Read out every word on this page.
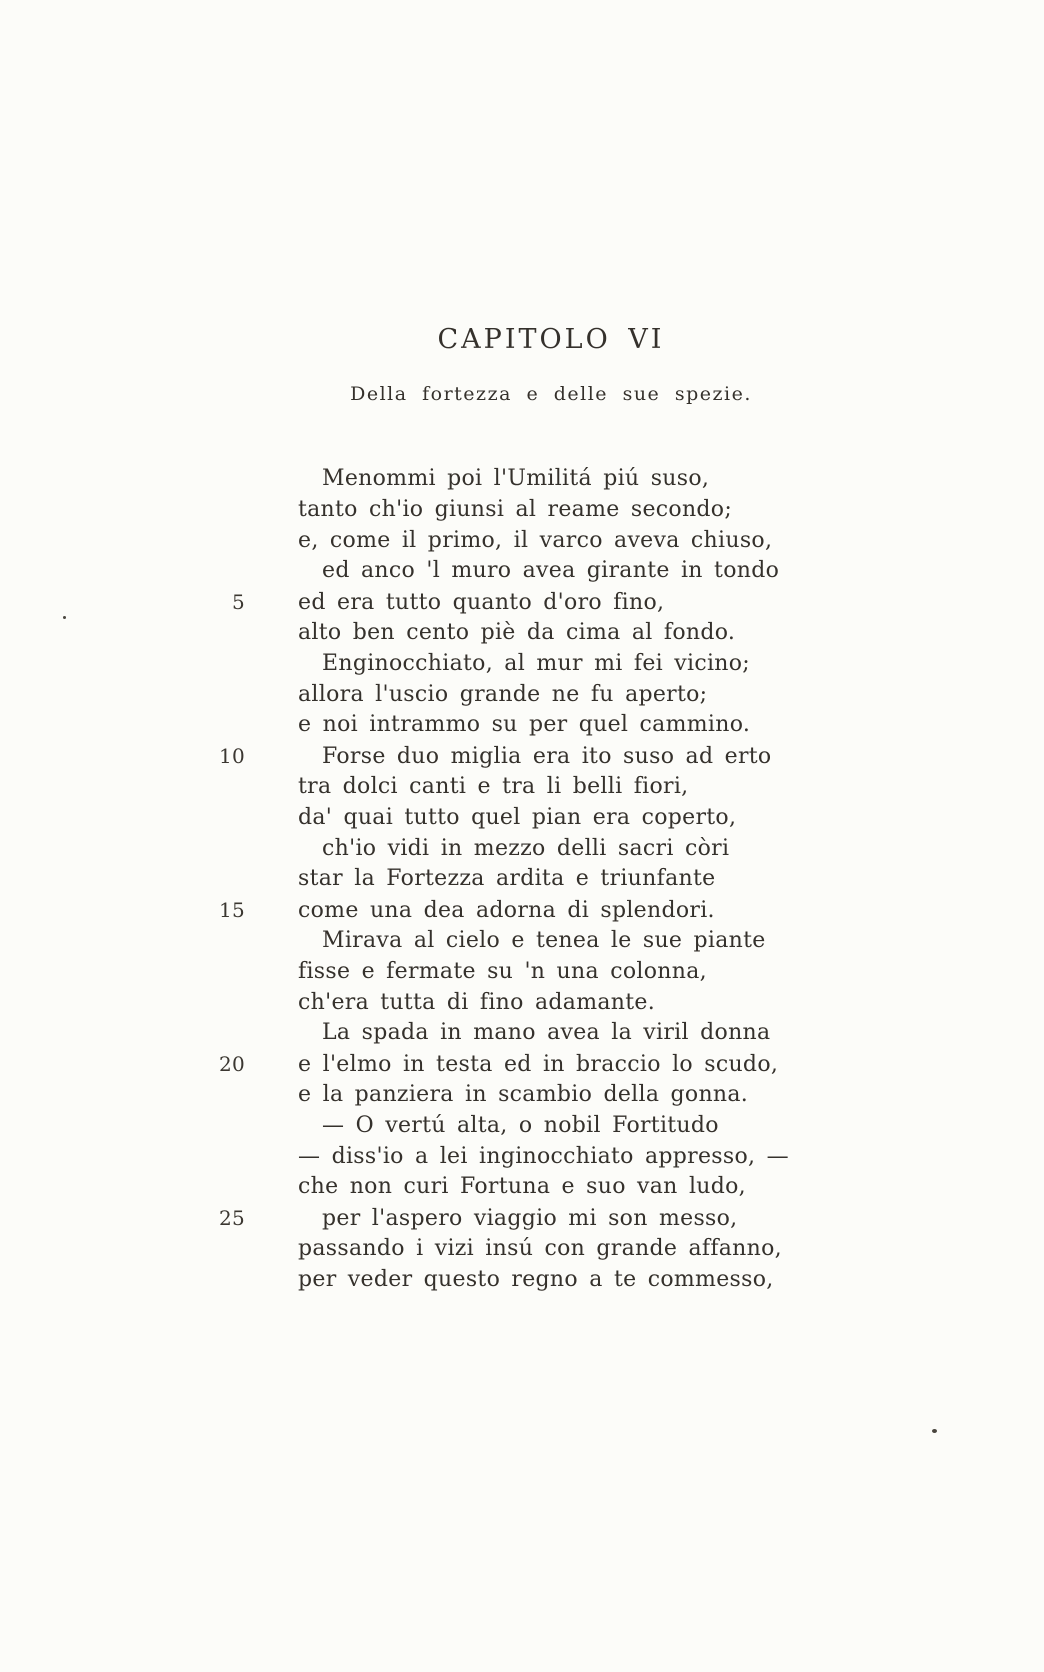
CAPITOLO VI
Della fortezza e delle sue spezie.
Menommi poi l'Umilitá piú suso,
tanto ch'io giunsi al reame secondo;
e, come il primo, il varco aveva chiuso,
ed anco 'l muro avea girante in tondo
5 ed era tutto quanto d'oro fino,
alto ben cento piè da cima al fondo.
Enginocchiato, al mur mi fei vicino;
allora l'uscio grande ne fu aperto;
e noi intrammo su per quel cammino.
10	Forse duo miglia era ito suso ad erto
tra dolci canti e tra li belli fiori,
da' quai tutto quel pian era coperto,
ch'io vidi in mezzo delli sacri còri
star la Fortezza ardita e triunfante
15 come una dea adorna di splendori.
Mirava al cielo e tenea le sue piante
fisse e fermate su 'n una colonna,
ch'era tutta di fino adamante.
La spada in mano avea la viril donna
20 e l'elmo in testa ed in braccio lo scudo,
e la panziera in scambio della gonna.
— O vertú alta, o nobil Fortitudo
— diss'io a lei inginocchiato appresso, —
che non curi Fortuna e suo van ludo,
25	per l'aspero viaggio mi son messo,
passando i vizi insú con grande affanno,
per veder questo regno a te commesso,
